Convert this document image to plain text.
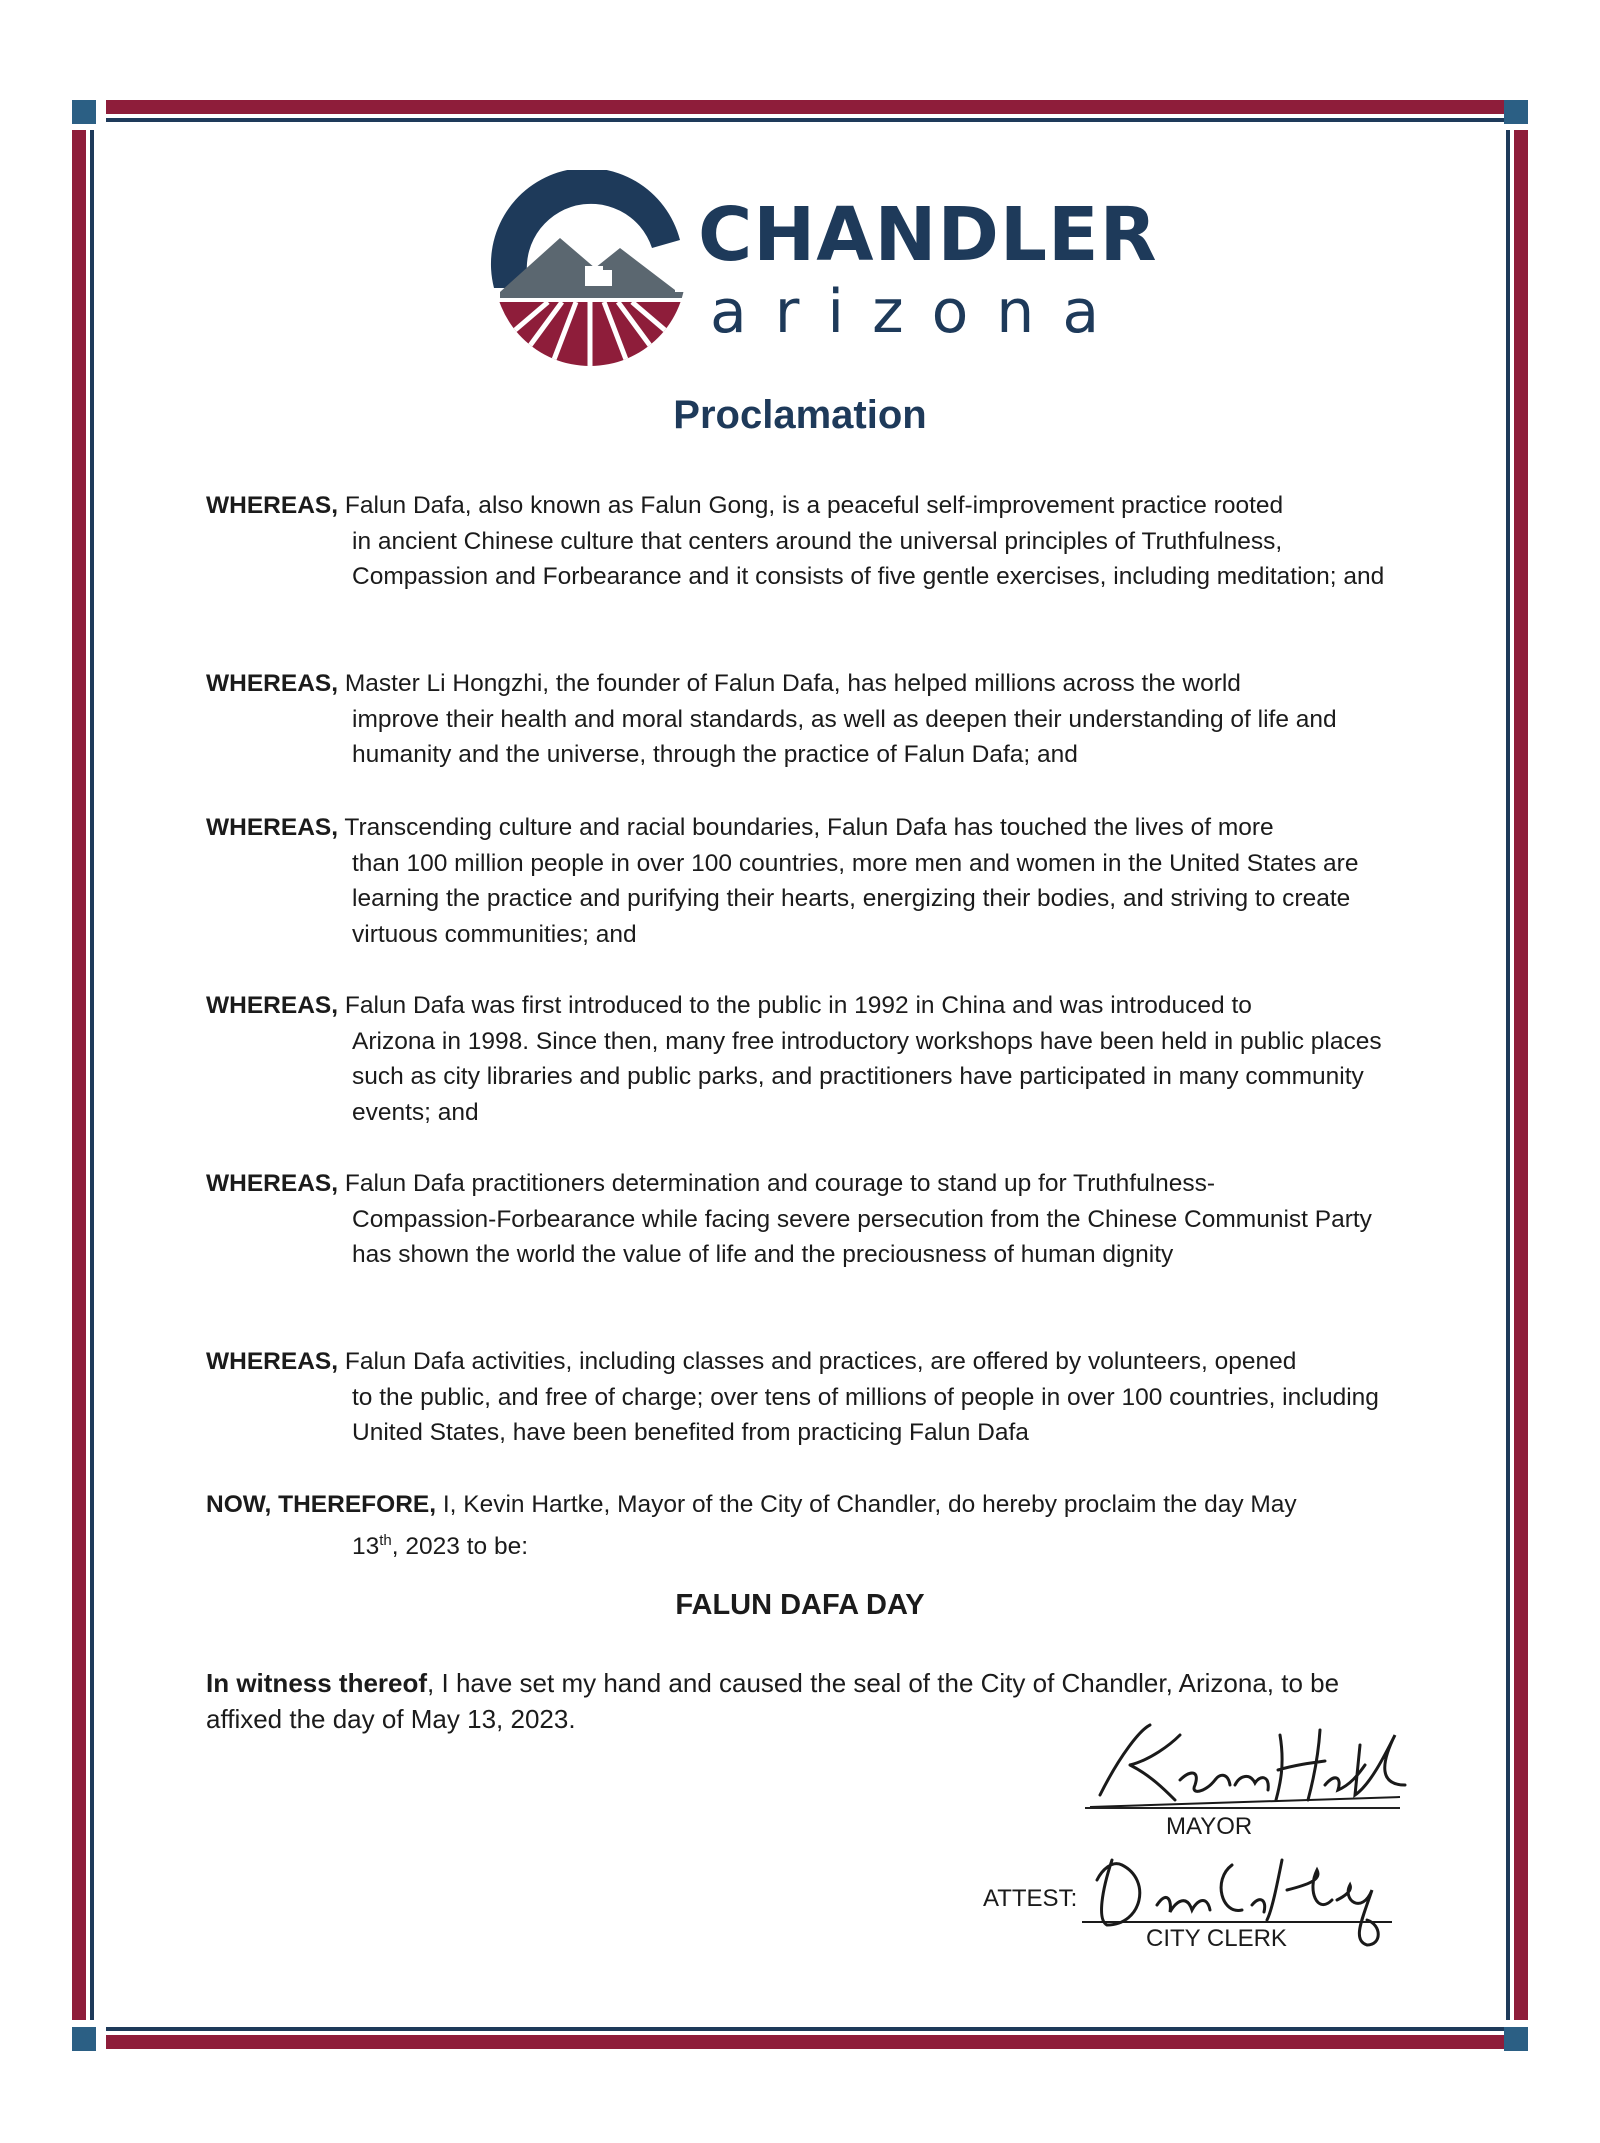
CHANDLER
arizona
Proclamation
WHEREAS, Falun Dafa, also known as Falun Gong, is a peaceful self-improvement practice rooted
in ancient Chinese culture that centers around the universal principles of Truthfulness, Compassion and Forbearance and it consists of five gentle exercises, including meditation; and
WHEREAS, Master Li Hongzhi, the founder of Falun Dafa, has helped millions across the world
improve their health and moral standards, as well as deepen their understanding of life and humanity and the universe, through the practice of Falun Dafa; and
WHEREAS, Transcending culture and racial boundaries, Falun Dafa has touched the lives of more
than 100 million people in over 100 countries, more men and women in the United States are learning the practice and purifying their hearts, energizing their bodies, and striving to create virtuous communities; and
WHEREAS, Falun Dafa was first introduced to the public in 1992 in China and was introduced to
Arizona in 1998. Since then, many free introductory workshops have been held in public places such as city libraries and public parks, and practitioners have participated in many community events; and
WHEREAS, Falun Dafa practitioners determination and courage to stand up for Truthfulness-
Compassion-Forbearance while facing severe persecution from the Chinese Communist Party has shown the world the value of life and the preciousness of human dignity
WHEREAS, Falun Dafa activities, including classes and practices, are offered by volunteers, opened
to the public, and free of charge; over tens of millions of people in over 100 countries, including United States, have been benefited from practicing Falun Dafa
NOW, THEREFORE, I, Kevin Hartke, Mayor of the City of Chandler, do hereby proclaim the day May
13th, 2023 to be:
FALUN DAFA DAY
In witness thereof, I have set my hand and caused the seal of the City of Chandler, Arizona, to be affixed the day of May 13, 2023.
MAYOR
ATTEST:
CITY CLERK
